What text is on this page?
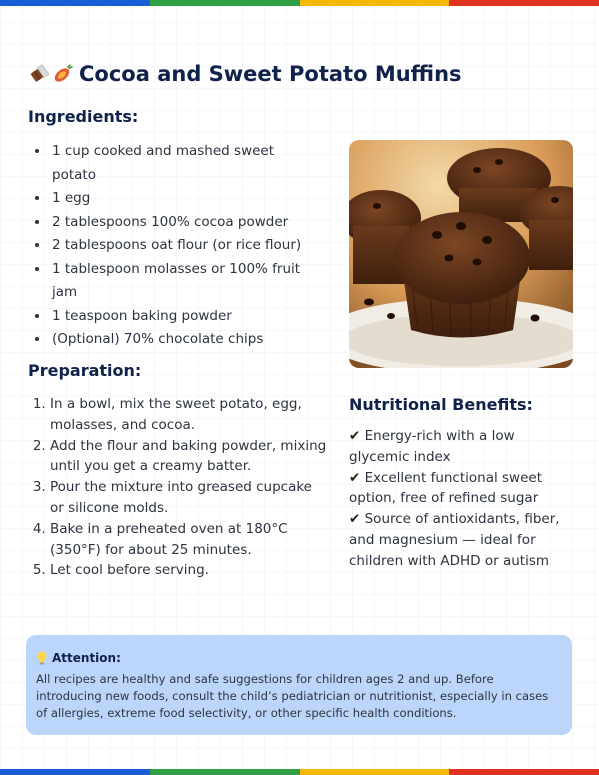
Cocoa and Sweet Potato Muffins
Ingredients:
• 1 cup cooked and mashed sweet potato
• 1 egg
• 2 tablespoons 100% cocoa powder
• 2 tablespoons oat flour (or rice flour)
• 1 tablespoon molasses or 100% fruit jam
• 1 teaspoon baking powder
• (Optional) 70% chocolate chips
Preparation:
1. In a bowl, mix the sweet potato, egg, molasses, and cocoa.
2. Add the flour and baking powder, mixing until you get a creamy batter.
3. Pour the mixture into greased cupcake or silicone molds.
4. Bake in a preheated oven at 180°C (350°F) for about 25 minutes.
5. Let cool before serving.
Nutritional Benefits:
✔ Energy-rich with a low glycemic index
✔ Excellent functional sweet option, free of refined sugar
✔ Source of antioxidants, fiber, and magnesium — ideal for children with ADHD or autism
Attention:
All recipes are healthy and safe suggestions for children ages 2 and up. Before introducing new foods, consult the child’s pediatrician or nutritionist, especially in cases of allergies, extreme food selectivity, or other specific health conditions.
